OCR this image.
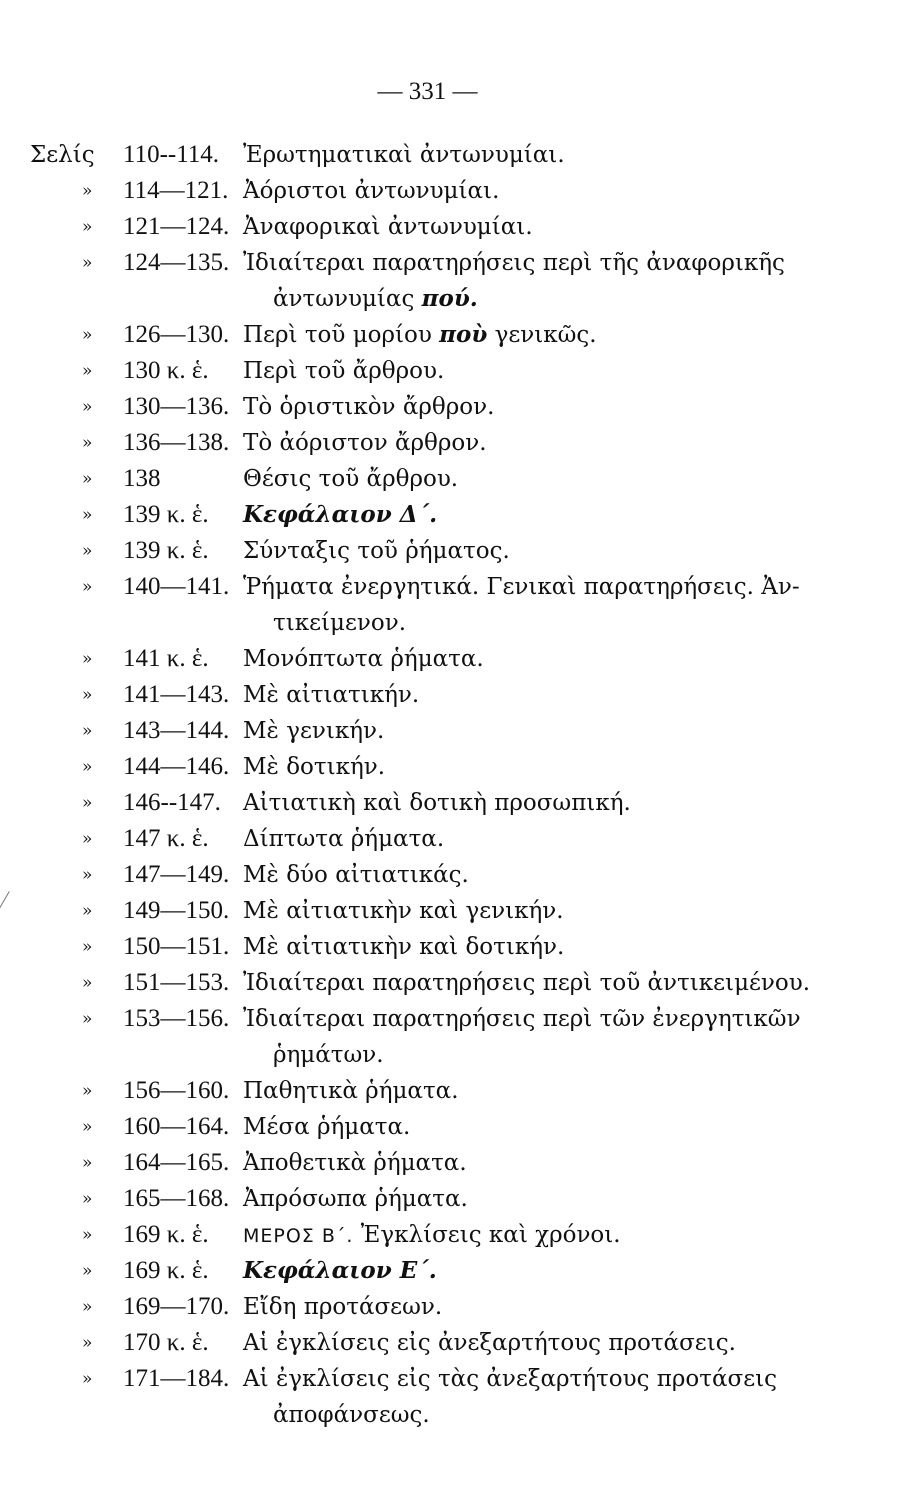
— 331 —
Σελίς	110--114. Ἐρωτηματικαὶ ἀντωνυμίαι.
»	114—121. Ἀόριστοι ἀντωνυμίαι.
»	121—124. Ἀναφορικαὶ ἀντωνυμίαι.
»	124—135. Ἰδιαίτεραι παρατηρήσεις περὶ τῆς ἀναφορικῆς
ἀντωνυμίας πού.
»	126—130. Περὶ τοῦ μορίου ποὺ γενικῶς.
»	130 κ. ἑ. Περὶ τοῦ ἄρθρου.
»	130—136. Τὸ ὁριστικὸν ἄρθρον.
»	136—138. Τὸ ἀόριστον ἄρθρον.
»	138	Θέσις τοῦ ἄρθρου.
»	139 κ. ἑ. Κεφάλαιον Δ΄.
»	139 κ. ἑ. Σύνταξις τοῦ ῥήματος.
»	140—141. Ῥήματα ἐνεργητικά. Γενικαὶ παρατηρήσεις. Ἀν-
τικείμενον.
»	141 κ. ἑ. Μονόπτωτα ῥήματα.
»	141—143. Μὲ αἰτιατικήν.
»	143—144. Μὲ γενικήν.
»	144—146. Μὲ δοτικήν.
»	146--147. Αἰτιατικὴ καὶ δοτικὴ προσωπική.
»	147 κ. ἑ. Δίπτωτα ῥήματα.
»	147—149. Μὲ δύο αἰτιατικάς.
»	149—150. Μὲ αἰτιατικὴν καὶ γενικήν.
»	150—151. Μὲ αἰτιατικὴν καὶ δοτικήν.
»	151—153. Ἰδιαίτεραι παρατηρήσεις περὶ τοῦ ἀντικειμένου.
»	153—156. Ἰδιαίτεραι παρατηρήσεις περὶ τῶν ἐνεργητικῶν
ῥημάτων.
»	156—160. Παθητικὰ ῥήματα.
»	160—164. Μέσα ῥήματα.
»	164—165. Ἀποθετικὰ ῥήματα.
»	165—168. Ἀπρόσωπα ῥήματα.
»	169 κ. ἑ. ΜΕΡΟΣ Β΄. Ἐγκλίσεις καὶ χρόνοι.
»	169 κ. ἑ. Κεφάλαιον Ε΄.
»	169—170. Εἴδη προτάσεων.
»	170 κ. ἑ. Αἱ ἐγκλίσεις εἰς ἀνεξαρτήτους προτάσεις.
»	171—184. Αἱ ἐγκλίσεις εἰς τὰς ἀνεξαρτήτους προτάσεις
ἀποφάνσεως.
